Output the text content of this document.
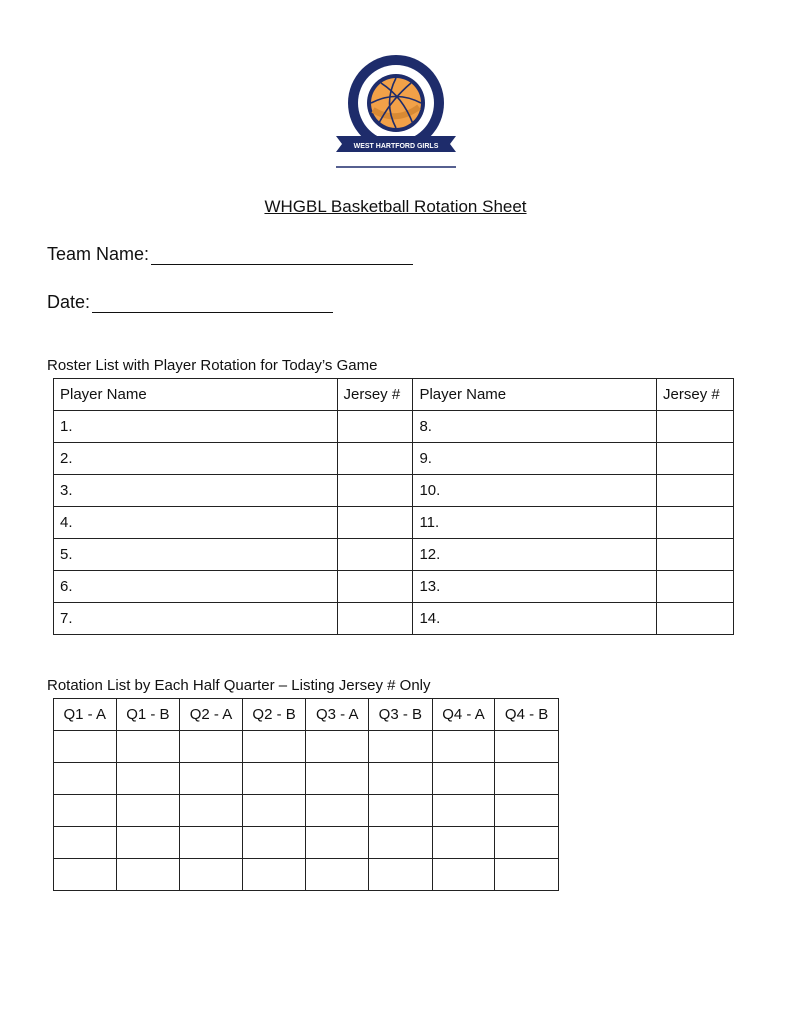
WEST HARTFORD GIRLS
WHGBL Basketball Rotation Sheet
Team Name:
Date:
Roster List with Player Rotation for Today’s Game
Player Name	Jersey #	Player Name	Jersey #
1.		8.	
2.		9.	
3.		10.	
4.		11.	
5.		12.	
6.		13.	
7.		14.	
Rotation List by Each Half Quarter – Listing Jersey # Only
Q1 - A	Q1 - B	Q2 - A	Q2 - B	Q3 - A	Q3 - B	Q4 - A	Q4 - B
